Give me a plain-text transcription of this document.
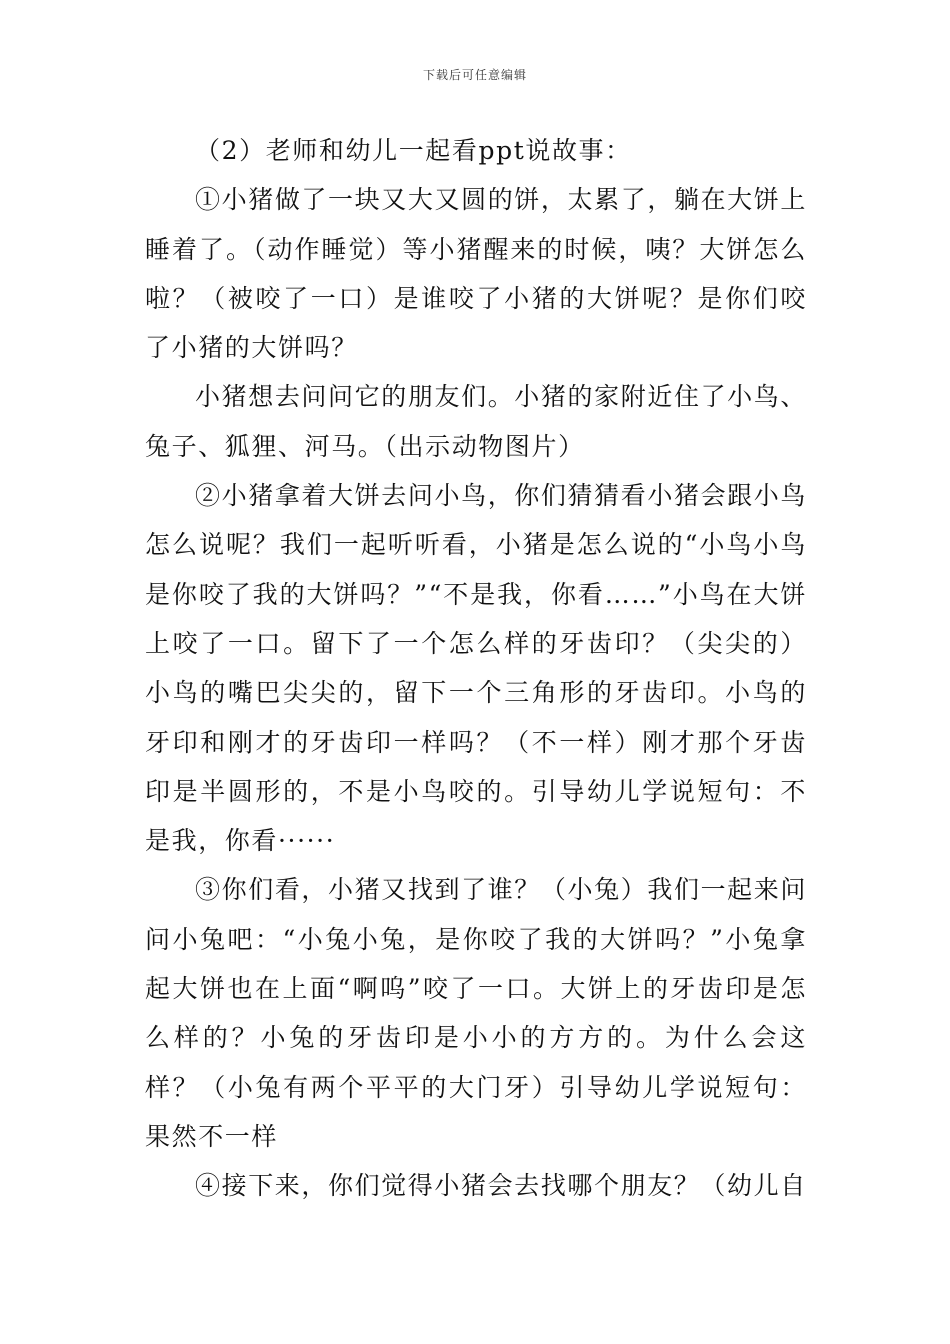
下载后可任意编辑

（2）老师和幼儿一起看ppt说故事：

①小猪做了一块又大又圆的饼，太累了，躺在大饼上睡着了。（动作睡觉）等小猪醒来的时候，咦？大饼怎么啦？（被咬了一口）是谁咬了小猪的大饼呢？是你们咬了小猪的大饼吗？

小猪想去问问它的朋友们。小猪的家附近住了小鸟、兔子、狐狸、河马。（出示动物图片）

②小猪拿着大饼去问小鸟，你们猜猜看小猪会跟小鸟怎么说呢？我们一起听听看，小猪是怎么说的“小鸟小鸟是你咬了我的大饼吗？”“不是我，你看……”小鸟在大饼上咬了一口。留下了一个怎么样的牙齿印？（尖尖的）小鸟的嘴巴尖尖的，留下一个三角形的牙齿印。小鸟的牙印和刚才的牙齿印一样吗？（不一样）刚才那个牙齿印是半圆形的，不是小鸟咬的。引导幼儿学说短句：不是我，你看······

③你们看，小猪又找到了谁？（小兔）我们一起来问问小兔吧：“小兔小兔，是你咬了我的大饼吗？”小兔拿起大饼也在上面“啊呜”咬了一口。大饼上的牙齿印是怎么样的？小兔的牙齿印是小小的方方的。为什么会这样？（小兔有两个平平的大门牙）引导幼儿学说短句：果然不一样

④接下来，你们觉得小猪会去找哪个朋友？（幼儿自
